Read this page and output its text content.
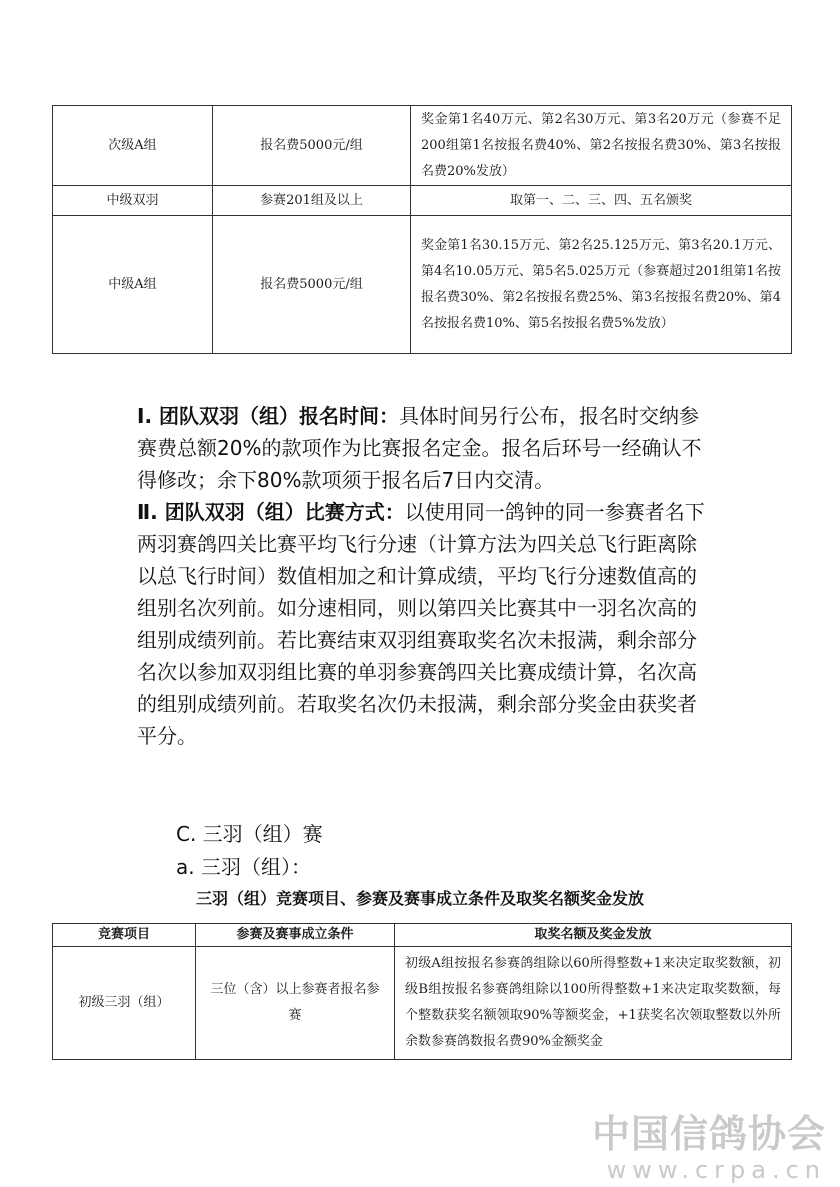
次级A组	报名费5000元/组	奖金第1名40万元、第2名30万元、第3名20万元（参赛不足200组第1名按报名费40%、第2名按报名费30%、第3名按报名费20%发放）
中级双羽	参赛201组及以上	取第一、二、三、四、五名颁奖
中级A组	报名费5000元/组	奖金第1名30.15万元、第2名25.125万元、第3名20.1万元、第4名10.05万元、第5名5.025万元（参赛超过201组第1名按报名费30%、第2名按报名费25%、第3名按报名费20%、第4名按报名费10%、第5名按报名费5%发放）
Ⅰ. 团队双羽（组）报名时间：具体时间另行公布，报名时交纳参赛费总额20%的款项作为比赛报名定金。报名后环号一经确认不得修改；余下80%款项须于报名后7日内交清。
Ⅱ. 团队双羽（组）比赛方式：以使用同一鸽钟的同一参赛者名下两羽赛鸽四关比赛平均飞行分速（计算方法为四关总飞行距离除以总飞行时间）数值相加之和计算成绩，平均飞行分速数值高的组别名次列前。如分速相同，则以第四关比赛其中一羽名次高的组别成绩列前。若比赛结束双羽组赛取奖名次未报满，剩余部分名次以参加双羽组比赛的单羽参赛鸽四关比赛成绩计算，名次高的组别成绩列前。若取奖名次仍未报满，剩余部分奖金由获奖者平分。
C. 三羽（组）赛
a. 三羽（组）：
三羽（组）竞赛项目、参赛及赛事成立条件及取奖名额奖金发放
竞赛项目	参赛及赛事成立条件	取奖名额及奖金发放
初级三羽（组）	三位（含）以上参赛者报名参赛	初级A组按报名参赛鸽组除以60所得整数+1来决定取奖数额，初级B组按报名参赛鸽组除以100所得整数+1来决定取奖数额，每个整数获奖名额领取90%等额奖金，+1获奖名次领取整数以外所余数参赛鸽数报名费90%金额奖金
中国信鸽协会
www.crpa.cn
